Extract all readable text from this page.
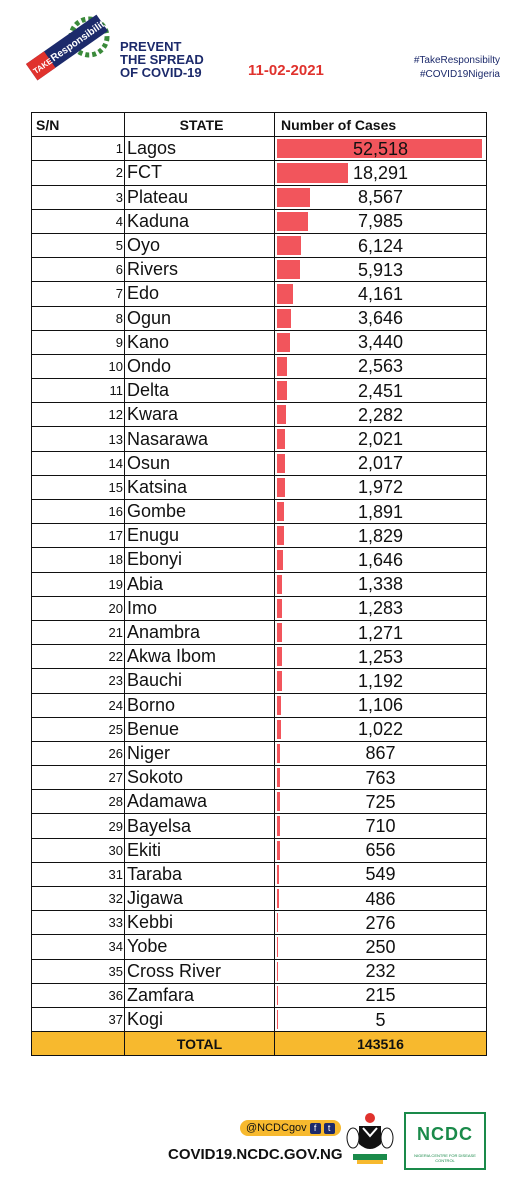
TAKE
Responsibility PREVENT
THE SPREAD
OF COVID-19	11-02-2021
#TakeResponsibilty
#COVID19Nigeria
S/N	STATE	Number of Cases
1	Lagos	52,518

2	FCT	18,291

3	Plateau	8,567

4	Kaduna	7,985

5	Oyo	6,124

6	Rivers	5,913

7	Edo	4,161

8	Ogun	3,646

9	Kano	3,440

10	Ondo	2,563

11	Delta	2,451

12	Kwara	2,282

13	Nasarawa	2,021

14	Osun	2,017

15	Katsina	1,972

16	Gombe	1,891

17	Enugu	1,829

18	Ebonyi	1,646

19	Abia	1,338

20	Imo	1,283

21	Anambra	1,271

22	Akwa Ibom	1,253

23	Bauchi	1,192

24	Borno	1,106

25	Benue	1,022

26	Niger	867

27	Sokoto	763

28	Adamawa	725

29	Bayelsa	710

30	Ekiti	656

31	Taraba	549

32	Jigawa	486

33	Kebbi	276

34	Yobe	250

35	Cross River	232

36	Zamfara	215

37	Kogi	5

	TOTAL	143516
@NCDCgov f	t
COVID19.NCDC.GOV.NG
NCDC
NIGERIA CENTRE FOR DISEASE CONTROL
